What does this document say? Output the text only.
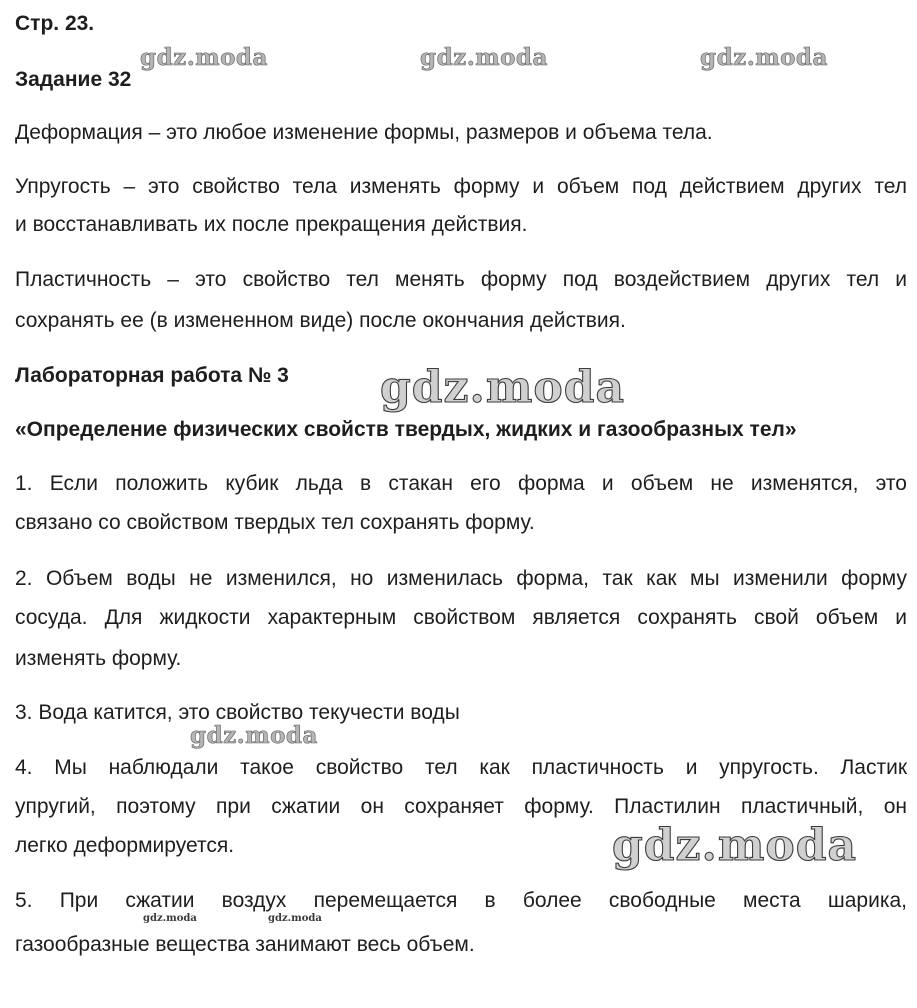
Стр. 23.
Задание 32
Деформация – это любое изменение формы, размеров и объема тела.
Упругость – это свойство тела изменять форму и объем под действием других тел
и восстанавливать их после прекращения действия.
Пластичность – это свойство тел менять форму под воздействием других тел и
сохранять ее (в измененном виде) после окончания действия.
Лабораторная работа № 3
«Определение физических свойств твердых, жидких и газообразных тел»
1. Если положить кубик льда в стакан его форма и объем не изменятся, это
связано со свойством твердых тел сохранять форму.
2. Объем воды не изменился, но изменилась форма, так как мы изменили форму
сосуда. Для жидкости характерным свойством является сохранять свой объем и
изменять форму.
3. Вода катится, это свойство текучести воды
4. Мы наблюдали такое свойство тел как пластичность и упругость. Ластик
упругий, поэтому при сжатии он сохраняет форму. Пластилин пластичный, он
легко деформируется.
5. При сжатии воздух перемещается в более свободные места шарика,
газообразные вещества занимают весь объем.
gdz.moda	gdz.moda	gdz.moda
gdz.moda
gdz.moda
gdz.moda
gdz.moda	gdz.moda
